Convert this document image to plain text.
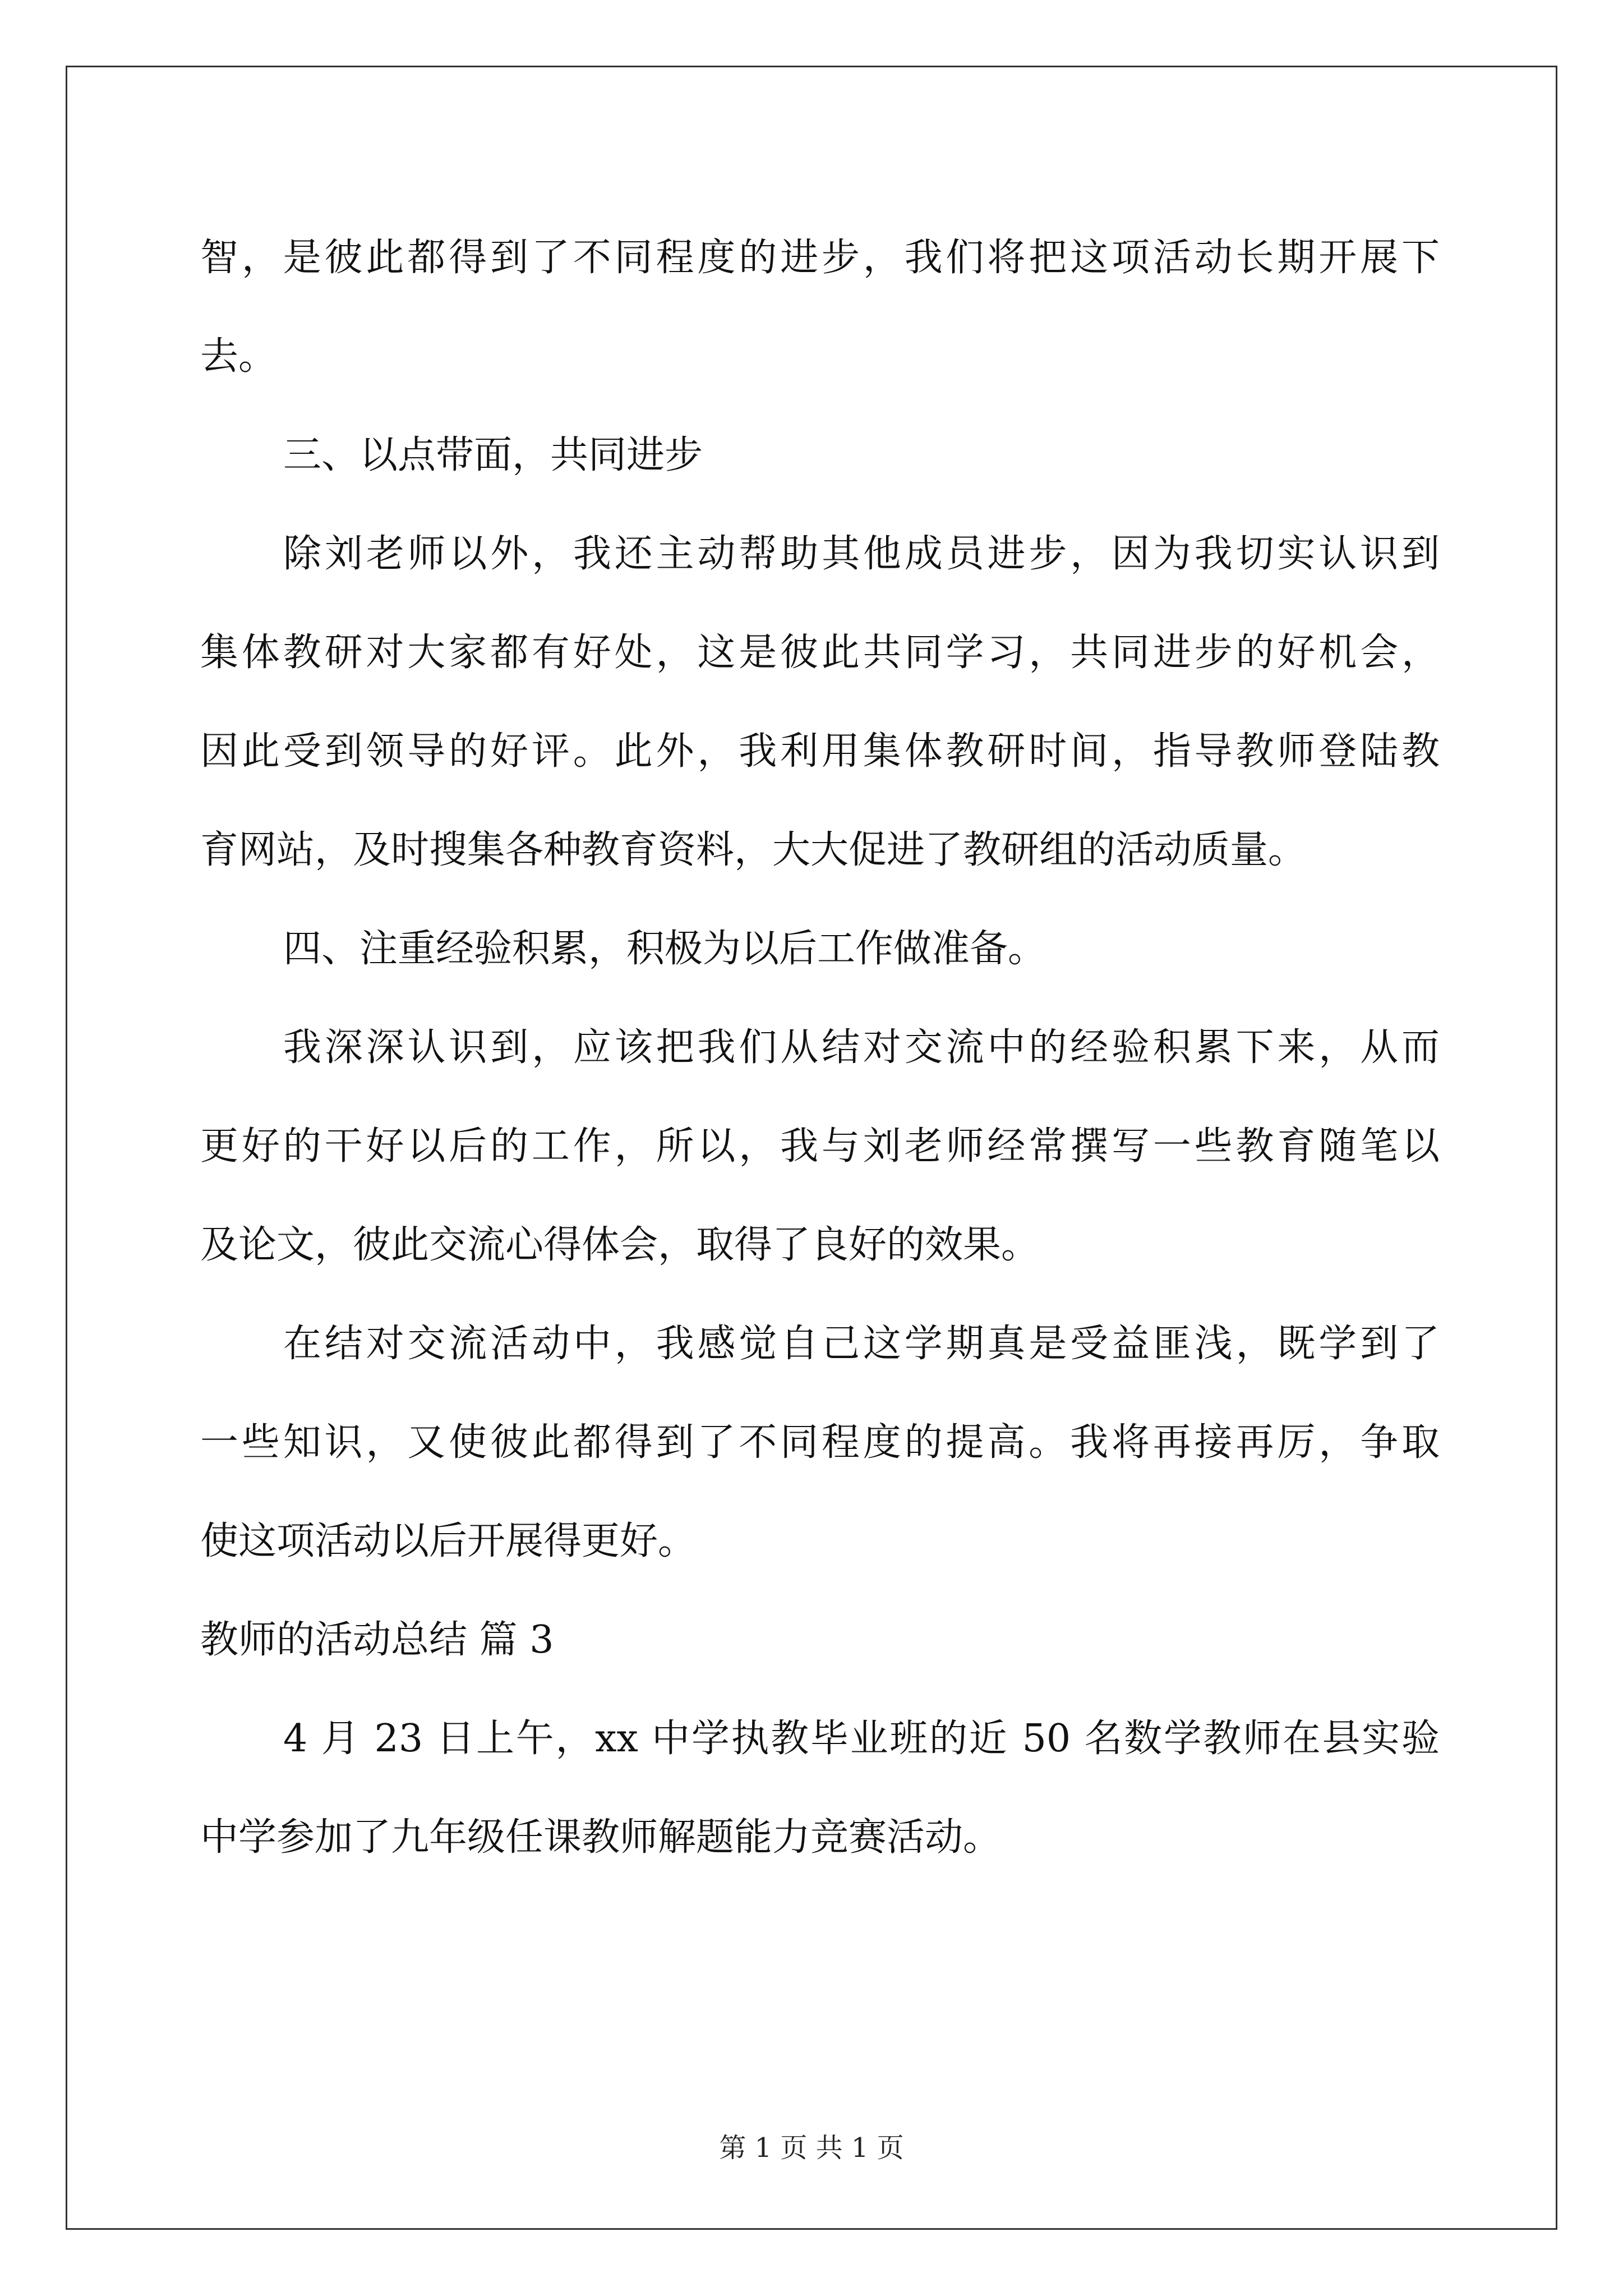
智，是彼此都得到了不同程度的进步，我们将把这项活动长期开展下
去。
三、以点带面，共同进步
除刘老师以外，我还主动帮助其他成员进步，因为我切实认识到
集体教研对大家都有好处，这是彼此共同学习，共同进步的好机会，
因此受到领导的好评。此外，我利用集体教研时间，指导教师登陆教
育网站，及时搜集各种教育资料，大大促进了教研组的活动质量。
四、注重经验积累，积极为以后工作做准备。
我深深认识到，应该把我们从结对交流中的经验积累下来，从而
更好的干好以后的工作，所以，我与刘老师经常撰写一些教育随笔以
及论文，彼此交流心得体会，取得了良好的效果。
在结对交流活动中，我感觉自己这学期真是受益匪浅，既学到了
一些知识，又使彼此都得到了不同程度的提高。我将再接再厉，争取
使这项活动以后开展得更好。
教师的活动总结 篇 3
4 月 23 日上午，xx 中学执教毕业班的近 50 名数学教师在县实验
中学参加了九年级任课教师解题能力竞赛活动。
第 1 页 共 1 页
